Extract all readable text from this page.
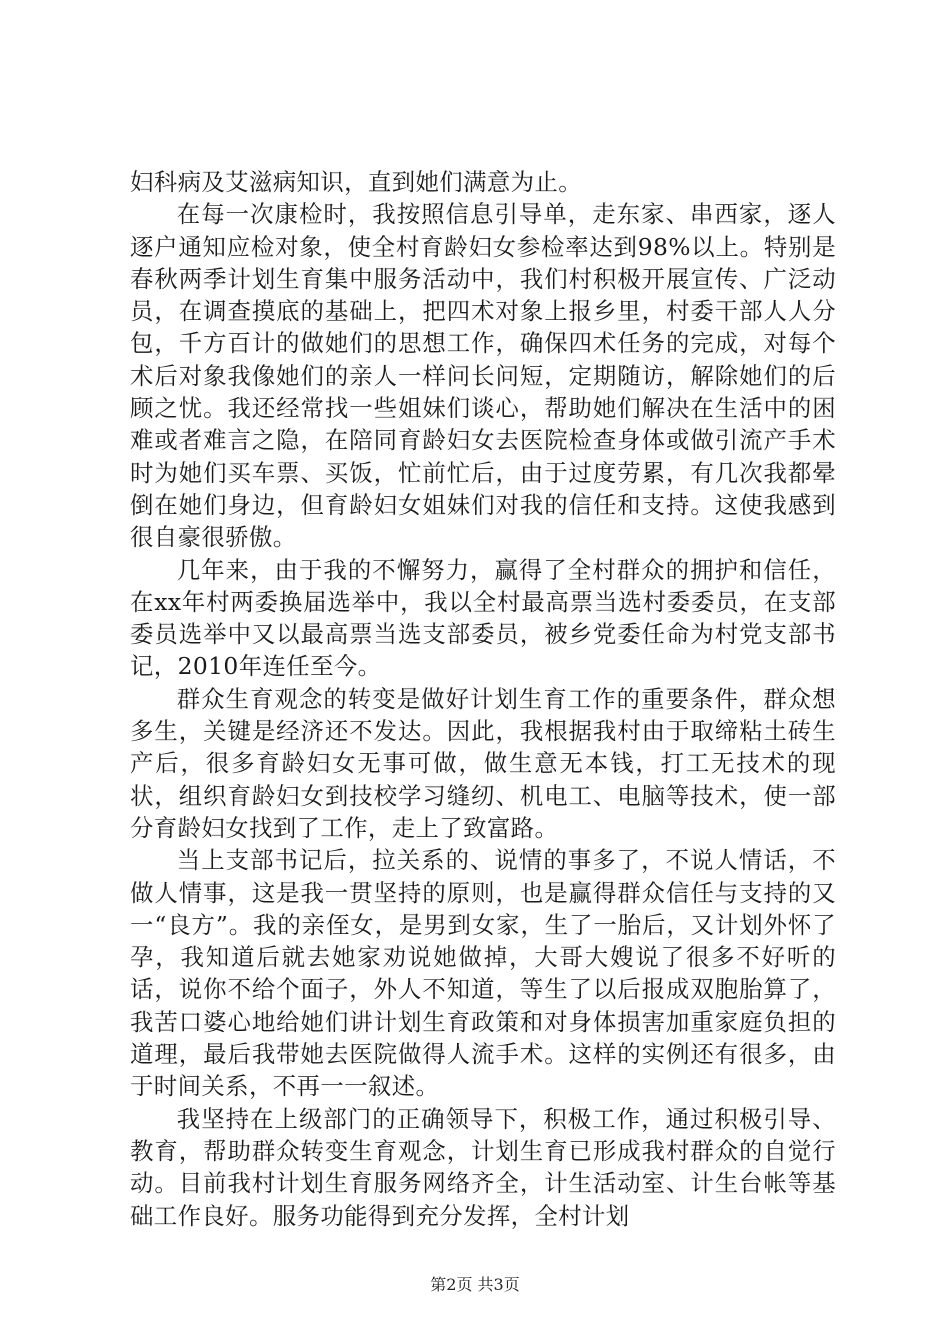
妇科病及艾滋病知识，直到她们满意为止。

在每一次康检时，我按照信息引导单，走东家、串西家，逐人逐户通知应检对象，使全村育龄妇女参检率达到98%以上。特别是春秋两季计划生育集中服务活动中，我们村积极开展宣传、广泛动员，在调查摸底的基础上，把四术对象上报乡里，村委干部人人分包，千方百计的做她们的思想工作，确保四术任务的完成，对每个术后对象我像她们的亲人一样问长问短，定期随访，解除她们的后顾之忧。我还经常找一些姐妹们谈心，帮助她们解决在生活中的困难或者难言之隐，在陪同育龄妇女去医院检查身体或做引流产手术时为她们买车票、买饭，忙前忙后，由于过度劳累，有几次我都晕倒在她们身边，但育龄妇女姐妹们对我的信任和支持。这使我感到很自豪很骄傲。

几年来，由于我的不懈努力，赢得了全村群众的拥护和信任，在xx年村两委换届选举中，我以全村最高票当选村委委员，在支部委员选举中又以最高票当选支部委员，被乡党委任命为村党支部书记，2010年连任至今。

群众生育观念的转变是做好计划生育工作的重要条件，群众想多生，关键是经济还不发达。因此，我根据我村由于取缔粘土砖生产后，很多育龄妇女无事可做，做生意无本钱，打工无技术的现状，组织育龄妇女到技校学习缝纫、机电工、电脑等技术，使一部分育龄妇女找到了工作，走上了致富路。

当上支部书记后，拉关系的、说情的事多了，不说人情话，不做人情事，这是我一贯坚持的原则，也是赢得群众信任与支持的又一“良方”。我的亲侄女，是男到女家，生了一胎后，又计划外怀了孕，我知道后就去她家劝说她做掉，大哥大嫂说了很多不好听的话，说你不给个面子，外人不知道，等生了以后报成双胞胎算了，我苦口婆心地给她们讲计划生育政策和对身体损害加重家庭负担的道理，最后我带她去医院做得人流手术。这样的实例还有很多，由于时间关系，不再一一叙述。

我坚持在上级部门的正确领导下，积极工作，通过积极引导、教育，帮助群众转变生育观念，计划生育已形成我村群众的自觉行动。目前我村计划生育服务网络齐全，计生活动室、计生台帐等基础工作良好。服务功能得到充分发挥，全村计划

第2页 共3页
